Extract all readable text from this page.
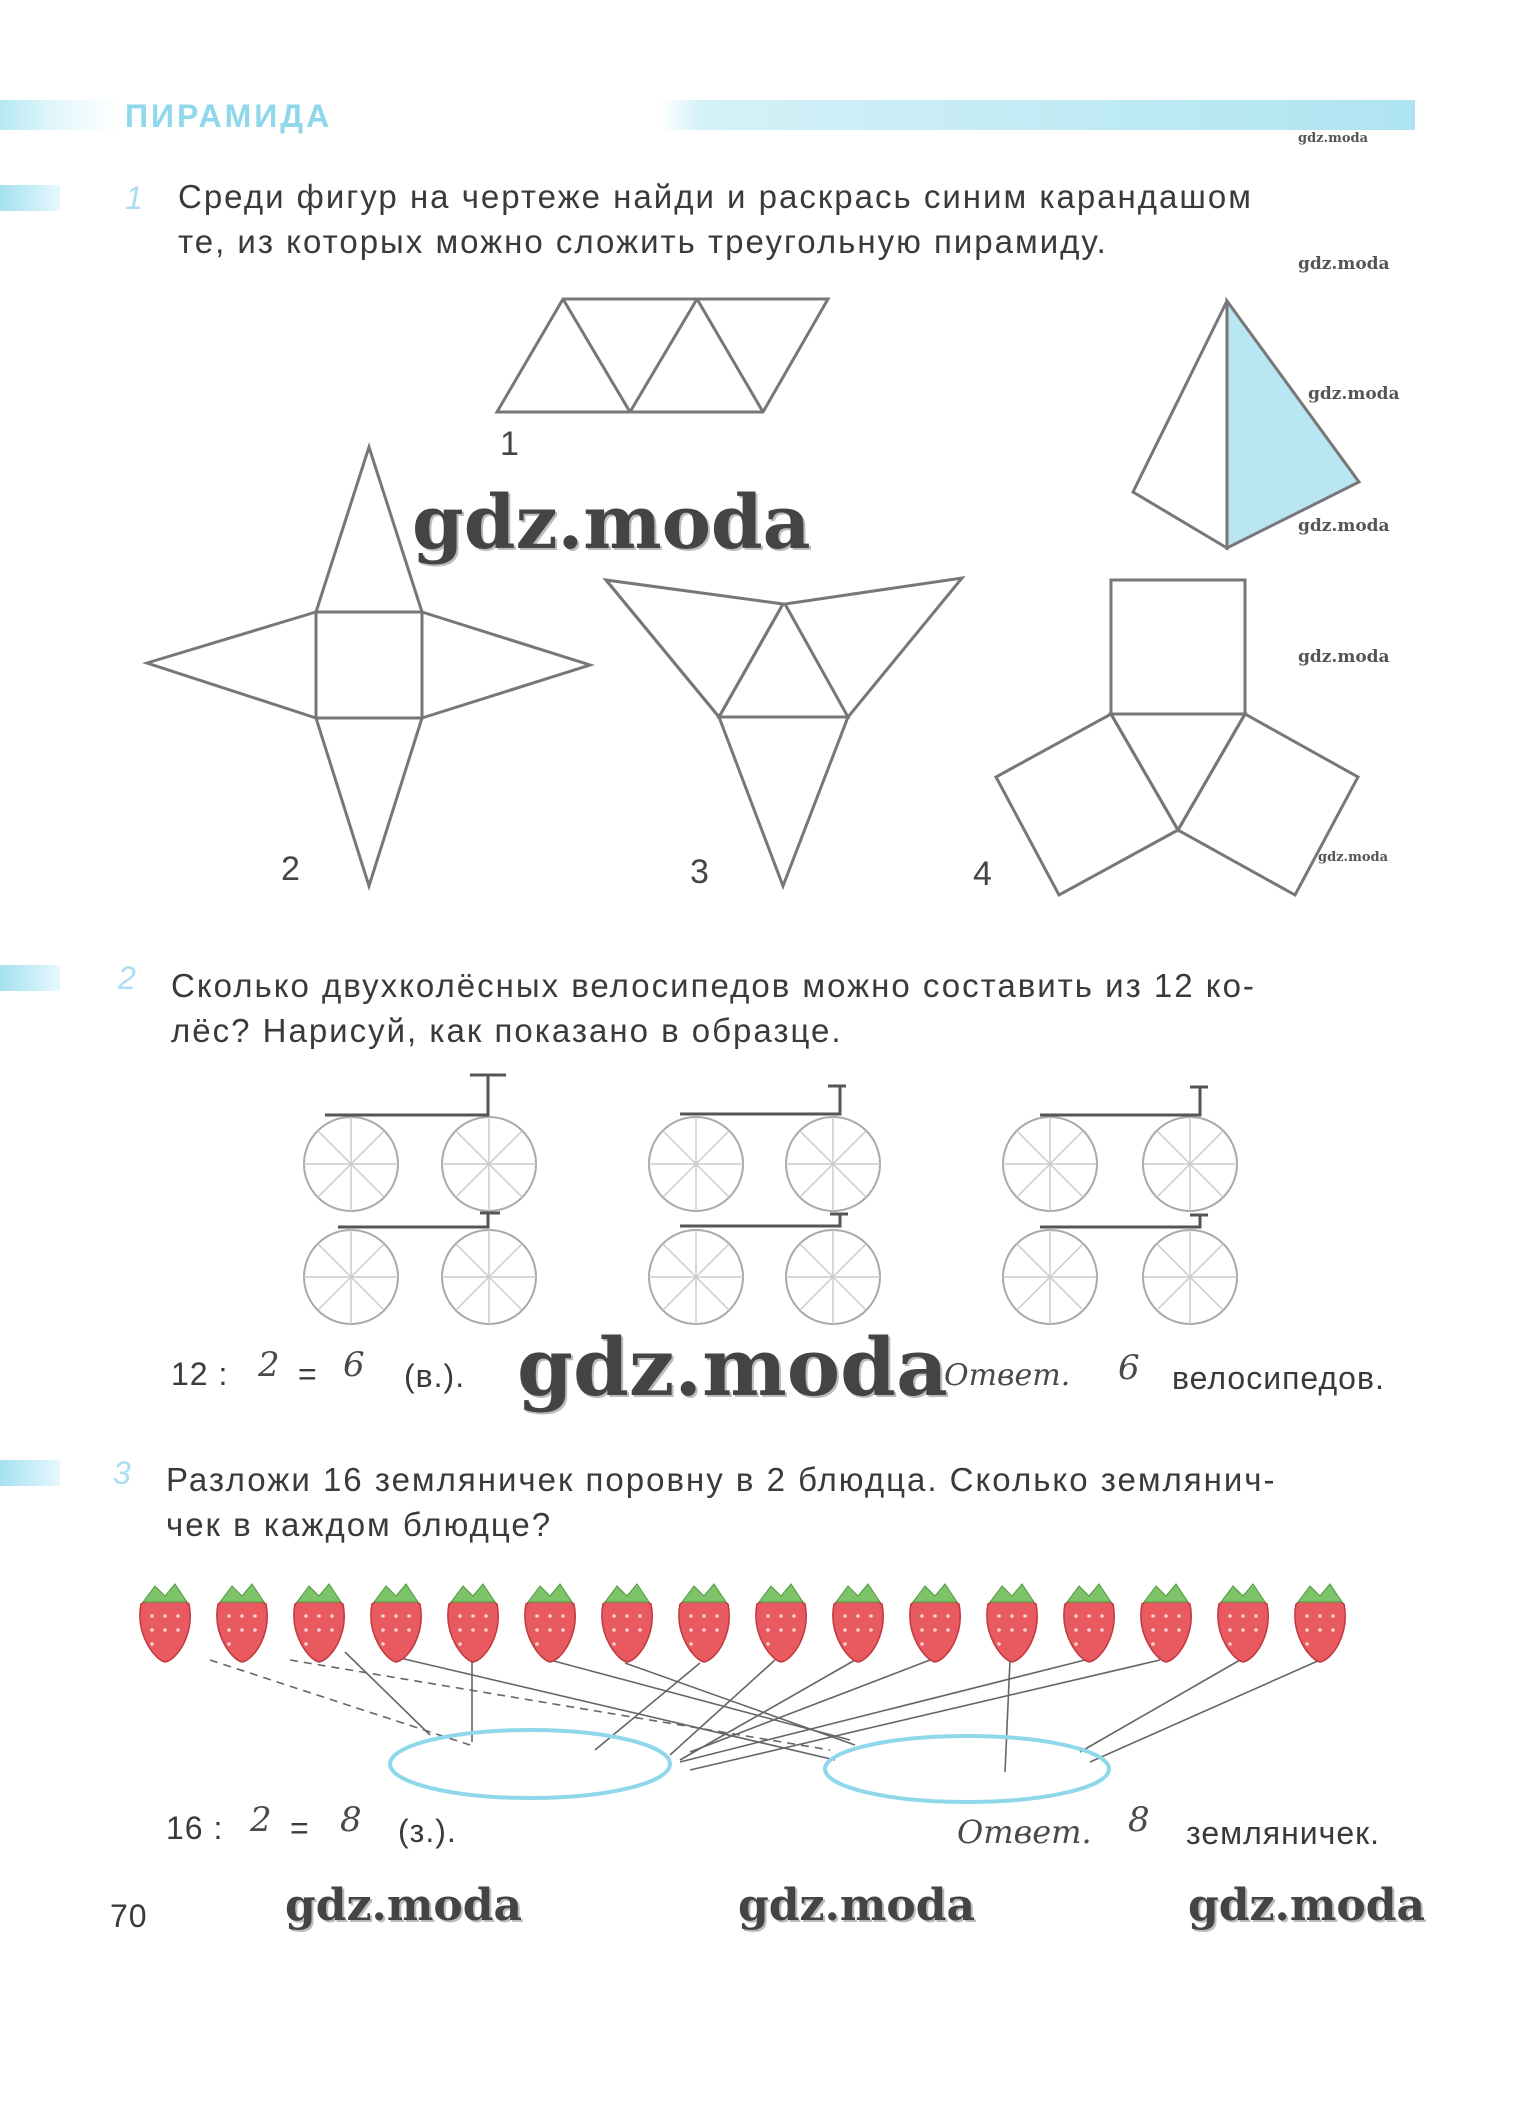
ПИРАМИДА
gdz.moda
1 Среди фигур на чертеже найди и раскрась синим карандашом
те, из которых можно сложить треугольную пирамиду.
gdz.moda
1
2	3	4
gdz.moda
gdz.moda
gdz.moda
gdz.moda
gdz.moda
2 Сколько двухколёсных велосипедов можно составить из 12 ко-
лёс? Нарисуй, как показано в образце.
12 : 2 = 6 (в.). gdz.moda
Ответ. 6 велосипедов.
3 Разложи 16 земляничек поровну в 2 блюдца. Сколько землянич-
чек в каждом блюдце?
16 : 2 = 8 (з.).	Ответ. 8 земляничек.
70	gdz.moda	gdz.moda	gdz.moda
